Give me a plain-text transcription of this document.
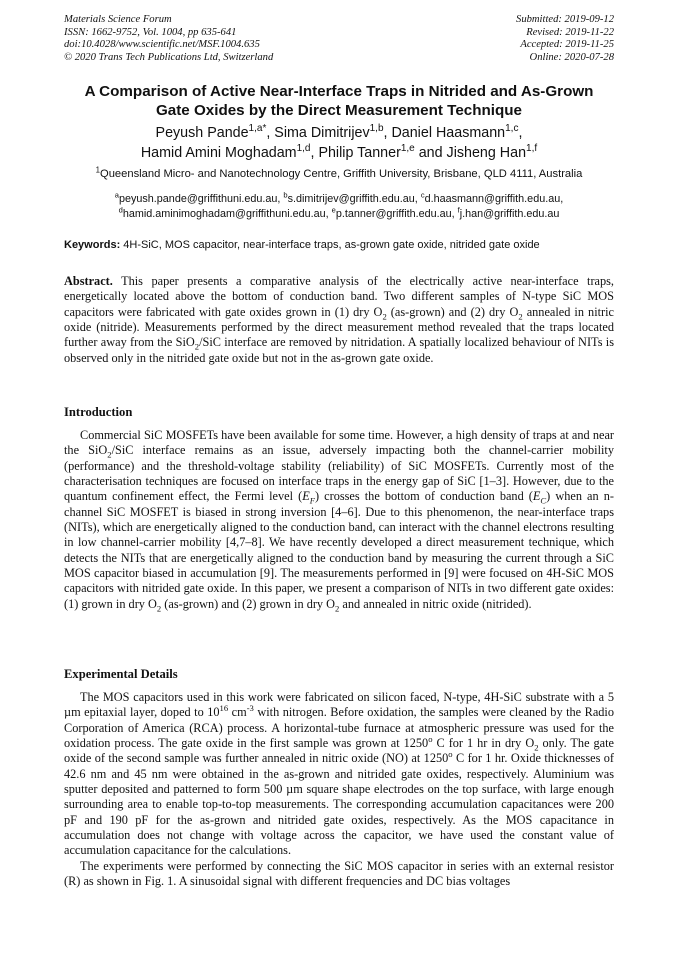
Materials Science Forum
ISSN: 1662-9752, Vol. 1004, pp 635-641
doi:10.4028/www.scientific.net/MSF.1004.635
© 2020 Trans Tech Publications Ltd, Switzerland
Submitted: 2019-09-12
Revised: 2019-11-22
Accepted: 2019-11-25
Online: 2020-07-28
A Comparison of Active Near-Interface Traps in Nitrided and As-Grown
Gate Oxides by the Direct Measurement Technique
Peyush Pande$^{1,a*}$, Sima Dimitrijev$^{1,b}$, Daniel Haasmann$^{1,c}$,
Hamid Amini Moghadam$^{1,d}$, Philip Tanner$^{1,e}$ and Jisheng Han$^{1,f}$
$^1$Queensland Micro- and Nanotechnology Centre, Griffith University, Brisbane, QLD 4111, Australia
$^a$peyush.pande@griffithuni.edu.au, $^b$s.dimitrijev@griffith.edu.au, $^c$d.haasmann@griffith.edu.au,
$^d$hamid.aminimoghadam@griffithuni.edu.au, $^e$p.tanner@griffith.edu.au, $^f$j.han@griffith.edu.au
Keywords: 4H-SiC, MOS capacitor, near-interface traps, as-grown gate oxide, nitrided gate oxide

Abstract. This paper presents a comparative analysis of the electrically active near-interface traps, energetically located above the bottom of conduction band. Two different samples of N-type SiC MOS capacitors were fabricated with gate oxides grown in (1) dry $O_2$ (as-grown) and (2) dry $O_2$ annealed in nitric oxide (nitride). Measurements performed by the direct measurement method revealed that the traps located further away from the SiO$_2$/SiC interface are removed by nitridation. A spatially localized behaviour of NITs is observed only in the nitrided gate oxide but not in the as-grown gate oxide.

Introduction

Commercial SiC MOSFETs have been available for some time. However, a high density of traps at and near the SiO$_2$/SiC interface remains as an issue, adversely impacting both the channel-carrier mobility (performance) and the threshold-voltage stability (reliability) of SiC MOSFETs. Currently most of the characterisation techniques are focused on interface traps in the energy gap of SiC [1–3]. However, due to the quantum confinement effect, the Fermi level $(E_F)$ crosses the bottom of conduction band $(E_C)$ when an n-channel SiC MOSFET is biased in strong inversion [4–6]. Due to this phenomenon, the near-interface traps (NITs), which are energetically aligned to the conduction band, can interact with the channel electrons resulting in low channel-carrier mobility [4,7–8]. We have recently developed a direct measurement technique, which detects the NITs that are energetically aligned to the conduction band by measuring the current through a SiC MOS capacitor biased in accumulation [9]. The measurements performed in [9] were focused on 4H-SiC MOS capacitors with nitrided gate oxide. In this paper, we present a comparison of NITs in two different gate oxides: (1) grown in dry $O_2$ (as-grown) and (2) grown in dry $O_2$ and annealed in nitric oxide (nitrided).

Experimental Details

The MOS capacitors used in this work were fabricated on silicon faced, N-type, 4H-SiC substrate with a 5 µm epitaxial layer, doped to $10^{16}$ $cm^{-3}$ with nitrogen. Before oxidation, the samples were cleaned by the Radio Corporation of America (RCA) process. A horizontal-tube furnace at atmospheric pressure was used for the oxidation process. The gate oxide in the first sample was grown at 1250$^o$ C for 1 hr in dry $O_2$ only. The gate oxide of the second sample was further annealed in nitric oxide (NO) at 1250$^o$ C for 1 hr. Oxide thicknesses of 42.6 nm and 45 nm were obtained in the as-grown and nitrided gate oxides, respectively. Aluminium was sputter deposited and patterned to form 500 µm square shape electrodes on the top surface, with large enough surrounding area to enable top-to-top measurements. The corresponding accumulation capacitances were 200 pF and 190 pF for the as-grown and nitrided gate oxides, respectively. As the MOS capacitance in accumulation does not change with voltage across the capacitor, we have used the constant value of accumulation capacitance for the calculations.

The experiments were performed by connecting the SiC MOS capacitor in series with an external resistor (R) as shown in Fig. 1. A sinusoidal signal with different frequencies and DC bias voltages
